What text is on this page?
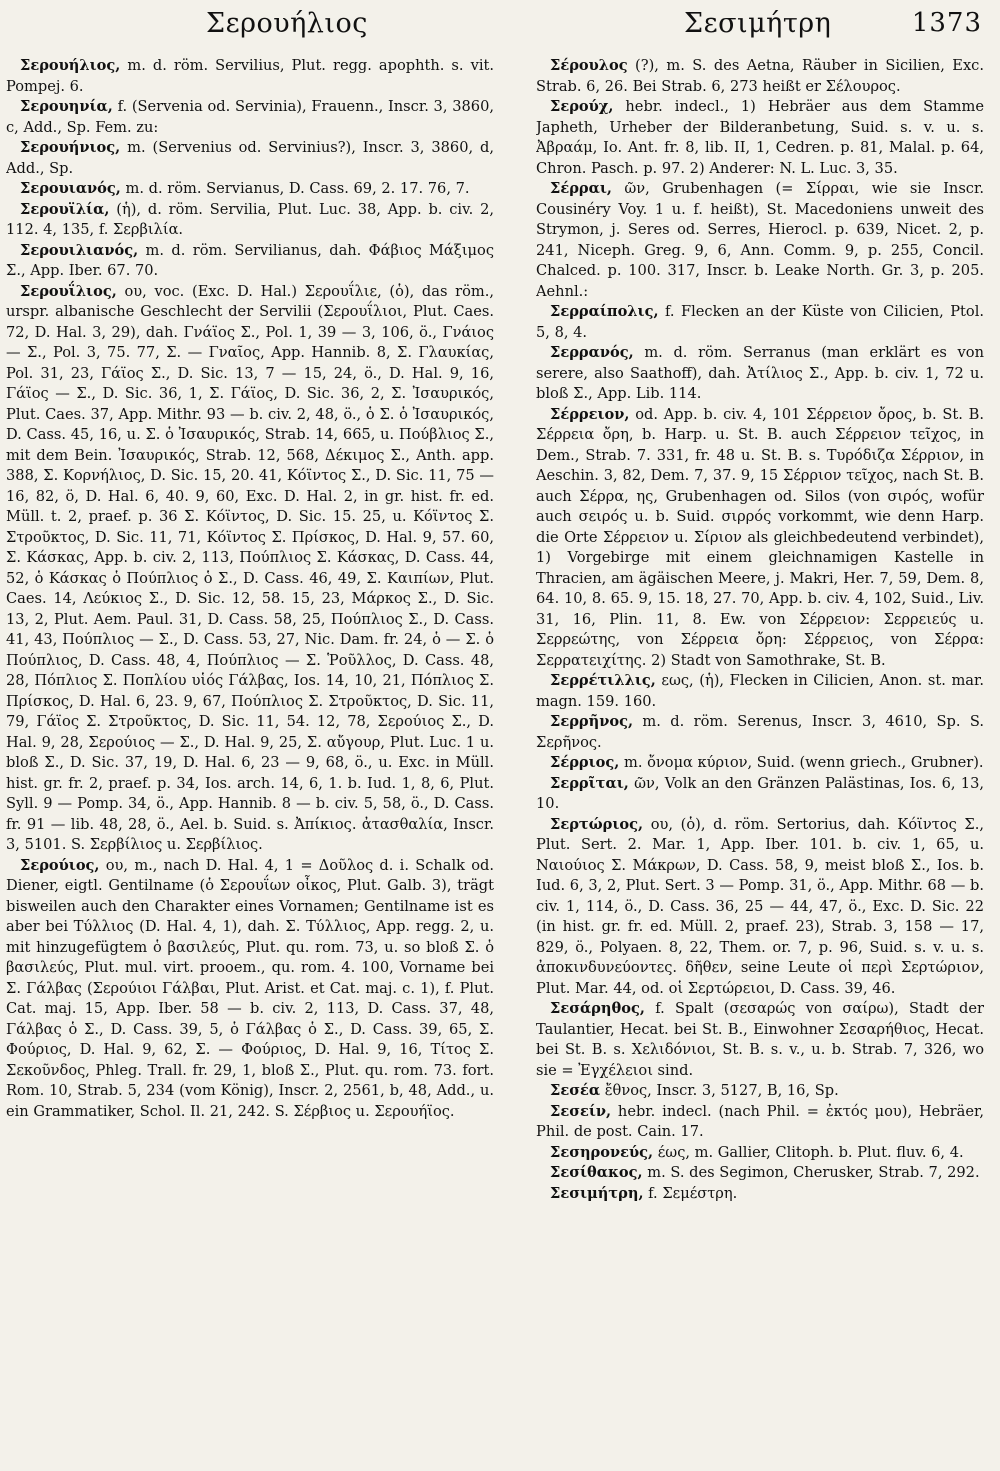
Σερουήλιος	Σεσιμήτρη	1373

Σερουήλιος, m. d. röm. Servilius, Plut. regg. apophth. s. vit. Pompej. 6.

Σερουηνία, f. (Servenia od. Servinia), Frauenn., Inscr. 3, 3860, c, Add., Sp. Fem. zu:

Σερουήνιος, m. (Servenius od. Servinius?), Inscr. 3, 3860, d, Add., Sp.

Σερουιανός, m. d. röm. Servianus, D. Cass. 69, 2. 17. 76, 7.

Σερουϊλία, (ἡ), d. röm. Servilia, Plut. Luc. 38, App. b. civ. 2, 112. 4, 135, f. Σερβιλία.

Σερουιλιανός, m. d. röm. Servilianus, dah. Φάβιος Μάξιμος Σ., App. Iber. 67. 70.

Σερουΐλιος, ου, voc. (Exc. D. Hal.) Σερουΐλιε, (ὁ), das röm., urspr. albanische Geschlecht der Servilii (Σερουΐλιοι, Plut. Caes. 72, D. Hal. 3, 29), dah. Γνάϊος Σ., Pol. 1, 39 — 3, 106, ö., Γνάιος — Σ., Pol. 3, 75. 77, Σ. — Γναῖος, App. Hannib. 8, Σ. Γλαυκίας, Pol. 31, 23, Γάϊος Σ., D. Sic. 13, 7 — 15, 24, ö., D. Hal. 9, 16, Γάϊος — Σ., D. Sic. 36, 1, Σ. Γάϊος, D. Sic. 36, 2, Σ. Ἰσαυρικός, Plut. Caes. 37, App. Mithr. 93 — b. civ. 2, 48, ö., ὁ Σ. ὁ Ἰσαυρικός, D. Cass. 45, 16, u. Σ. ὁ Ἰσαυρικός, Strab. 14, 665, u. Πούβλιος Σ., mit dem Bein. Ἰσαυρικός, Strab. 12, 568, Δέκιμος Σ., Anth. app. 388, Σ. Κορνήλιος, D. Sic. 15, 20. 41, Κόϊντος Σ., D. Sic. 11, 75 — 16, 82, ö, D. Hal. 6, 40. 9, 60, Exc. D. Hal. 2, in gr. hist. fr. ed. Müll. t. 2, praef. p. 36 Σ. Κόϊντος, D. Sic. 15. 25, u. Κόϊντος Σ. Στροῦκτος, D. Sic. 11, 71, Κόϊντος Σ. Πρίσκος, D. Hal. 9, 57. 60, Σ. Κάσκας, App. b. civ. 2, 113, Πούπλιος Σ. Κάσκας, D. Cass. 44, 52, ὁ Κάσκας ὁ Πούπλιος ὁ Σ., D. Cass. 46, 49, Σ. Καιπίων, Plut. Caes. 14, Λεύκιος Σ., D. Sic. 12, 58. 15, 23, Μάρκος Σ., D. Sic. 13, 2, Plut. Aem. Paul. 31, D. Cass. 58, 25, Πούπλιος Σ., D. Cass. 41, 43, Πούπλιος — Σ., D. Cass. 53, 27, Nic. Dam. fr. 24, ὁ — Σ. ὁ Πούπλιος, D. Cass. 48, 4, Πούπλιος — Σ. Ῥοῦλλος, D. Cass. 48, 28, Πόπλιος Σ. Ποπλίου υἱός Γάλβας, Ios. 14, 10, 21, Πόπλιος Σ. Πρίσκος, D. Hal. 6, 23. 9, 67, Πούπλιος Σ. Στροῦκτος, D. Sic. 11, 79, Γάϊος Σ. Στροῦκτος, D. Sic. 11, 54. 12, 78, Σερούιος Σ., D. Hal. 9, 28, Σερούιος — Σ., D. Hal. 9, 25, Σ. αὔγουρ, Plut. Luc. 1 u. bloß Σ., D. Sic. 37, 19, D. Hal. 6, 23 — 9, 68, ö., u. Exc. in Müll. hist. gr. fr. 2, praef. p. 34, Ios. arch. 14, 6, 1. b. Iud. 1, 8, 6, Plut. Syll. 9 — Pomp. 34, ö., App. Hannib. 8 — b. civ. 5, 58, ö., D. Cass. fr. 91 — lib. 48, 28, ö., Ael. b. Suid. s. Ἀπίκιος. ἀτασθαλία, Inscr. 3, 5101. S. Σερβίλιος u. Σερβίλιος.

Σερούιος, ου, m., nach D. Hal. 4, 1 = Δοῦλος d. i. Schalk od. Diener, eigtl. Gentilname (ὁ Σερουΐων οἶκος, Plut. Galb. 3), trägt bisweilen auch den Charakter eines Vornamen; Gentilname ist es aber bei Τύλλιος (D. Hal. 4, 1), dah. Σ. Τύλλιος, App. regg. 2, u. mit hinzugefügtem ὁ βασιλεύς, Plut. qu. rom. 73, u. so bloß Σ. ὁ βασιλεύς, Plut. mul. virt. prooem., qu. rom. 4. 100, Vorname bei Σ. Γάλβας (Σερούιοι Γάλβαι, Plut. Arist. et Cat. maj. c. 1), f. Plut. Cat. maj. 15, App. Iber. 58 — b. civ. 2, 113, D. Cass. 37, 48, Γάλβας ὁ Σ., D. Cass. 39, 5, ὁ Γάλβας ὁ Σ., D. Cass. 39, 65, Σ. Φούριος, D. Hal. 9, 62, Σ. — Φούριος, D. Hal. 9, 16, Τίτος Σ. Σεκοῦνδος, Phleg. Trall. fr. 29, 1, bloß Σ., Plut. qu. rom. 73. fort. Rom. 10, Strab. 5, 234 (vom König), Inscr. 2, 2561, b, 48, Add., u. ein Grammatiker, Schol. Il. 21, 242. S. Σέρβιος u. Σερουήϊος.

Σέρουλος (?), m. S. des Aetna, Räuber in Sicilien, Exc. Strab. 6, 26. Bei Strab. 6, 273 heißt er Σέλουρος.

Σερούχ, hebr. indecl., 1) Hebräer aus dem Stamme Japheth, Urheber der Bilderanbetung, Suid. s. v. u. s. Ἀβραάμ, Io. Ant. fr. 8, lib. II, 1, Cedren. p. 81, Malal. p. 64, Chron. Pasch. p. 97. 2) Anderer: N. L. Luc. 3, 35.

Σέρραι, ῶν, Grubenhagen (= Σίρραι, wie sie Inscr. Cousinéry Voy. 1 u. f. heißt), St. Macedoniens unweit des Strymon, j. Seres od. Serres, Hierocl. p. 639, Nicet. 2, p. 241, Niceph. Greg. 9, 6, Ann. Comm. 9, p. 255, Concil. Chalced. p. 100. 317, Inscr. b. Leake North. Gr. 3, p. 205. Aehnl.:

Σερραίπολις, f. Flecken an der Küste von Cilicien, Ptol. 5, 8, 4.

Σερρανός, m. d. röm. Serranus (man erklärt es von serere, also Saathoff), dah. Ἀτίλιος Σ., App. b. civ. 1, 72 u. bloß Σ., App. Lib. 114.

Σέρρειον, od. App. b. civ. 4, 101 Σέρρειον ὄρος, b. St. B. Σέρρεια ὄρη, b. Harp. u. St. B. auch Σέρρειον τεῖχος, in Dem., Strab. 7. 331, fr. 48 u. St. B. s. Τυρόδιζα Σέρριον, in Aeschin. 3, 82, Dem. 7, 37. 9, 15 Σέρριον τεῖχος, nach St. B. auch Σέρρα, ης, Grubenhagen od. Silos (von σιρός, wofür auch σειρός u. b. Suid. σιρρός vorkommt, wie denn Harp. die Orte Σέρρειον u. Σίριον als gleichbedeutend verbindet), 1) Vorgebirge mit einem gleichnamigen Kastelle in Thracien, am ägäischen Meere, j. Makri, Her. 7, 59, Dem. 8, 64. 10, 8. 65. 9, 15. 18, 27. 70, App. b. civ. 4, 102, Suid., Liv. 31, 16, Plin. 11, 8. Ew. von Σέρρειον: Σερρειεύς u. Σερρεώτης, von Σέρρεια ὄρη: Σέρρειος, von Σέρρα: Σερρατειχίτης. 2) Stadt von Samothrake, St. B.

Σερρέτιλλις, εως, (ἡ), Flecken in Cilicien, Anon. st. mar. magn. 159. 160.

Σερρῆνος, m. d. röm. Serenus, Inscr. 3, 4610, Sp. S. Σερῆνος.

Σέρριος, m. ὄνομα κύριον, Suid. (wenn griech., Grubner).

Σερρῖται, ῶν, Volk an den Gränzen Palästinas, Ios. 6, 13, 10.

Σερτώριος, ου, (ὁ), d. röm. Sertorius, dah. Κόϊντος Σ., Plut. Sert. 2. Mar. 1, App. Iber. 101. b. civ. 1, 65, u. Ναιούιος Σ. Μάκρων, D. Cass. 58, 9, meist bloß Σ., Ios. b. Iud. 6, 3, 2, Plut. Sert. 3 — Pomp. 31, ö., App. Mithr. 68 — b. civ. 1, 114, ö., D. Cass. 36, 25 — 44, 47, ö., Exc. D. Sic. 22 (in hist. gr. fr. ed. Müll. 2, praef. 23), Strab. 3, 158 — 17, 829, ö., Polyaen. 8, 22, Them. or. 7, p. 96, Suid. s. v. u. s. ἀποκινδυνεύοντες. δῆθεν, seine Leute οἱ περὶ Σερτώριον, Plut. Mar. 44, od. οἱ Σερτώρειοι, D. Cass. 39, 46.

Σεσάρηθος, f. Spalt (σεσαρώς von σαίρω), Stadt der Taulantier, Hecat. bei St. B., Einwohner Σεσαρήθιος, Hecat. bei St. B. s. Χελιδόνιοι, St. B. s. v., u. b. Strab. 7, 326, wo sie = Ἐγχέλειοι sind.

Σεσέα ἔθνος, Inscr. 3, 5127, B, 16, Sp.

Σεσείν, hebr. indecl. (nach Phil. = ἐκτός μου), Hebräer, Phil. de post. Cain. 17.

Σεσηρονεύς, έως, m. Gallier, Clitoph. b. Plut. fluv. 6, 4.

Σεσίθακος, m. S. des Segimon, Cherusker, Strab. 7, 292.

Σεσιμήτρη, f. Σεμέστρη.
